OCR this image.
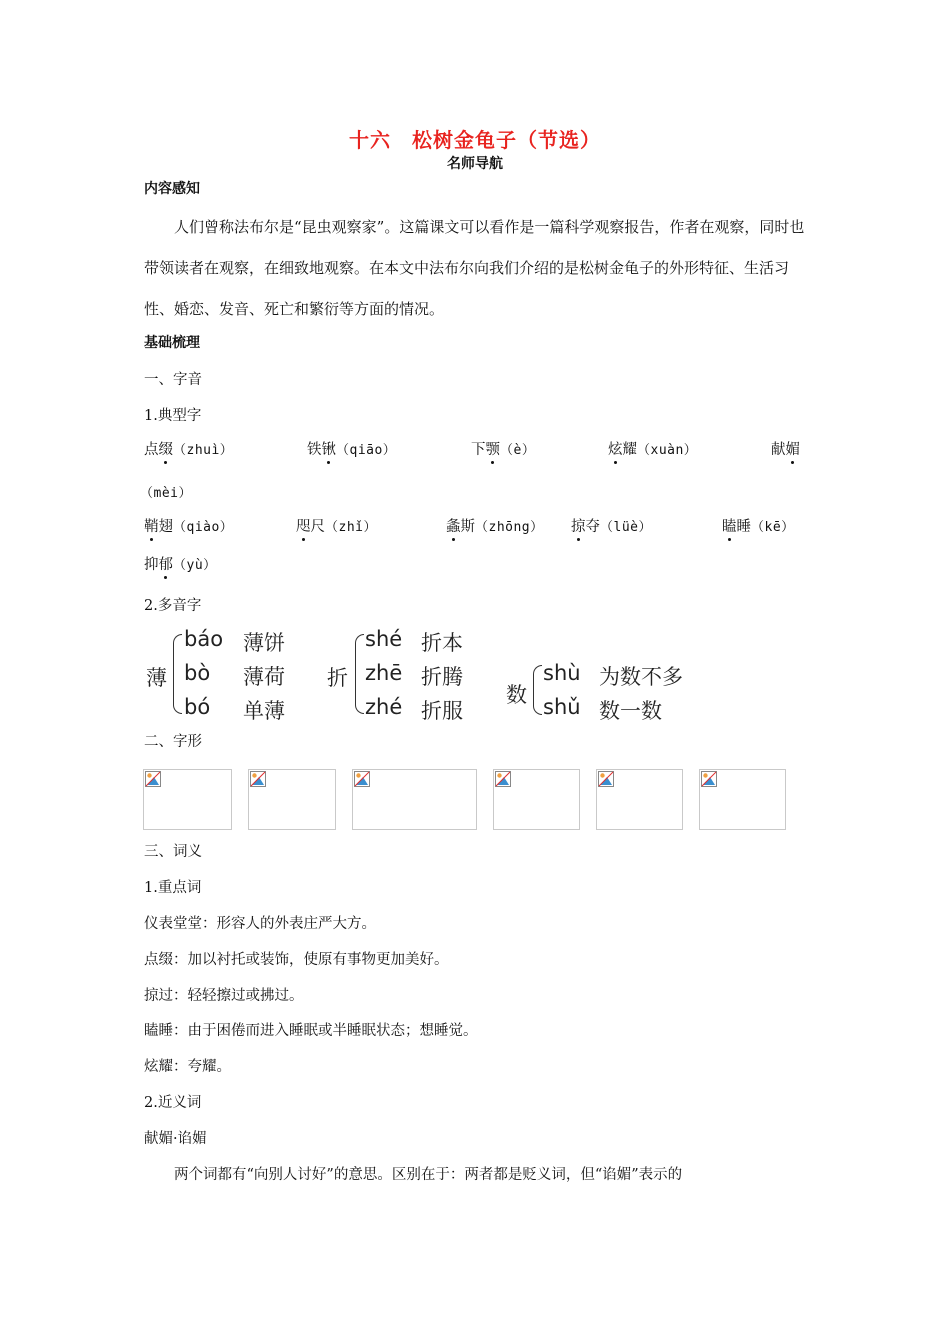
十六　松树金龟子（节选）
名师导航
内容感知
人们曾称法布尔是“昆虫观察家”。这篇课文可以看作是一篇科学观察报告，作者在观察，同时也带领读者在观察，在细致地观察。在本文中法布尔向我们介绍的是松树金龟子的外形特征、生活习性、婚恋、发音、死亡和繁衍等方面的情况。
基础梳理
一、字音
1.典型字
点缀（zhuì）	铁锹（qiāo）	下颚（è）	炫耀（xuàn）	献媚
（mèi）
鞘翅（qiào）	咫尺（zhǐ）	螽斯（zhōng） 掠夺（lüè）	瞌睡（kē）
抑郁（yù）
2.多音字
薄
báo 薄饼
bò 薄荷
bó 单薄
折
shé 折本
zhē 折腾
zhé 折服
数
shù 为数不多
shǔ 数一数
二、字形
三、词义
1.重点词
仪表堂堂：形容人的外表庄严大方。
点缀：加以衬托或装饰，使原有事物更加美好。
掠过：轻轻擦过或拂过。
瞌睡：由于困倦而进入睡眠或半睡眠状态；想睡觉。
炫耀：夸耀。
2.近义词
献媚·谄媚
两个词都有“向别人讨好”的意思。区别在于：两者都是贬义词，但“谄媚”表示的
